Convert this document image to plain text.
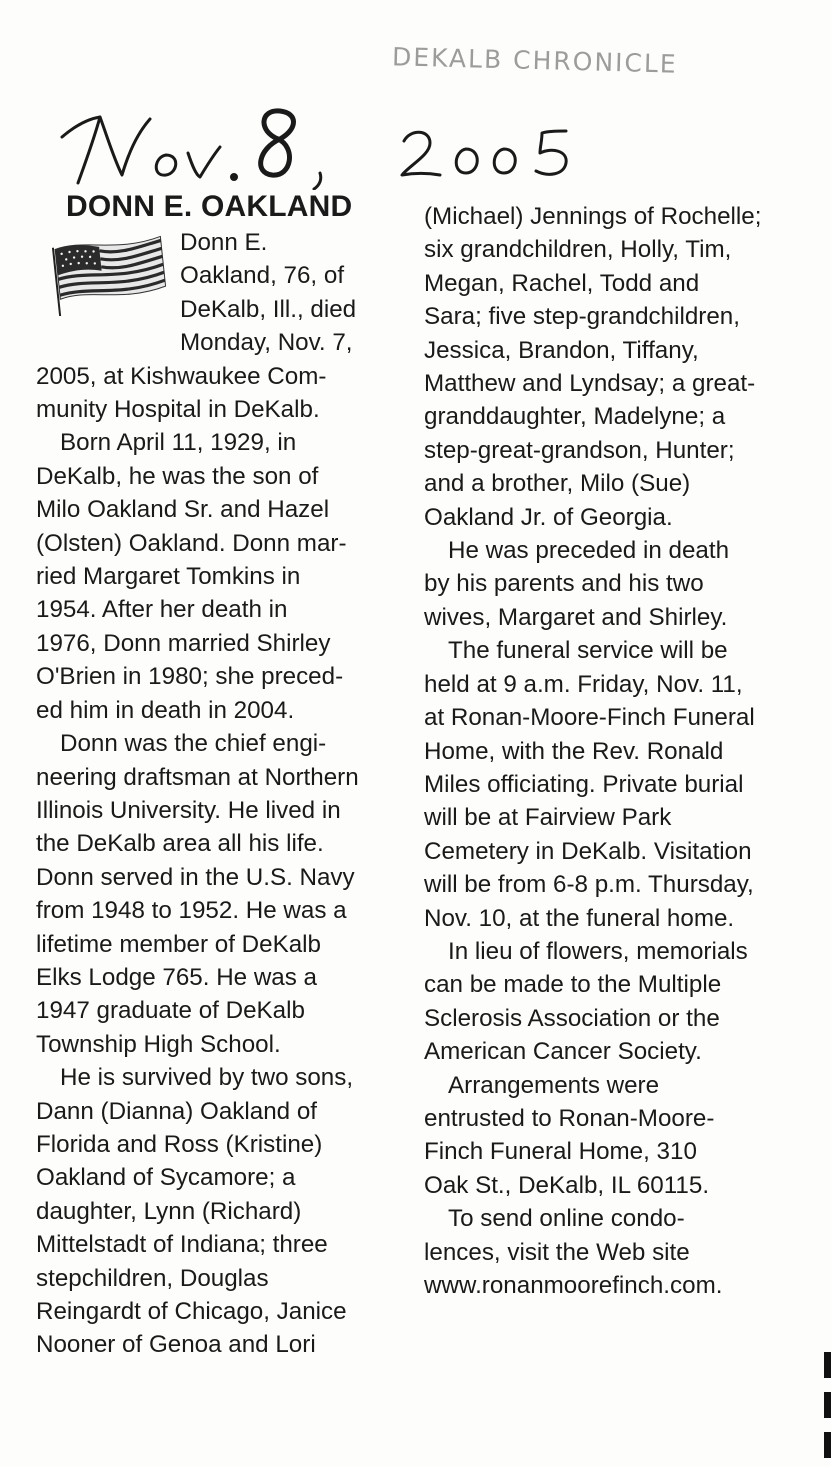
DEKALB CHRONICLE
DONN E. OAKLAND
Donn E.
Oakland, 76, of
DeKalb, Ill., died
Monday, Nov. 7,
2005, at Kishwaukee Com-
munity Hospital in DeKalb.
Born April 11, 1929, in
DeKalb, he was the son of
Milo Oakland Sr. and Hazel
(Olsten) Oakland. Donn mar-
ried Margaret Tomkins in
1954. After her death in
1976, Donn married Shirley
O'Brien in 1980; she preced-
ed him in death in 2004.
Donn was the chief engi-
neering draftsman at Northern
Illinois University. He lived in
the DeKalb area all his life.
Donn served in the U.S. Navy
from 1948 to 1952. He was a
lifetime member of DeKalb
Elks Lodge 765. He was a
1947 graduate of DeKalb
Township High School.
He is survived by two sons,
Dann (Dianna) Oakland of
Florida and Ross (Kristine)
Oakland of Sycamore; a
daughter, Lynn (Richard)
Mittelstadt of Indiana; three
stepchildren, Douglas
Reingardt of Chicago, Janice
Nooner of Genoa and Lori
(Michael) Jennings of Rochelle;
six grandchildren, Holly, Tim,
Megan, Rachel, Todd and
Sara; five step-grandchildren,
Jessica, Brandon, Tiffany,
Matthew and Lyndsay; a great-
granddaughter, Madelyne; a
step-great-grandson, Hunter;
and a brother, Milo (Sue)
Oakland Jr. of Georgia.
He was preceded in death
by his parents and his two
wives, Margaret and Shirley.
The funeral service will be
held at 9 a.m. Friday, Nov. 11,
at Ronan-Moore-Finch Funeral
Home, with the Rev. Ronald
Miles officiating. Private burial
will be at Fairview Park
Cemetery in DeKalb. Visitation
will be from 6-8 p.m. Thursday,
Nov. 10, at the funeral home.
In lieu of flowers, memorials
can be made to the Multiple
Sclerosis Association or the
American Cancer Society.
Arrangements were
entrusted to Ronan-Moore-
Finch Funeral Home, 310
Oak St., DeKalb, IL 60115.
To send online condo-
lences, visit the Web site
www.ronanmoorefinch.com.
